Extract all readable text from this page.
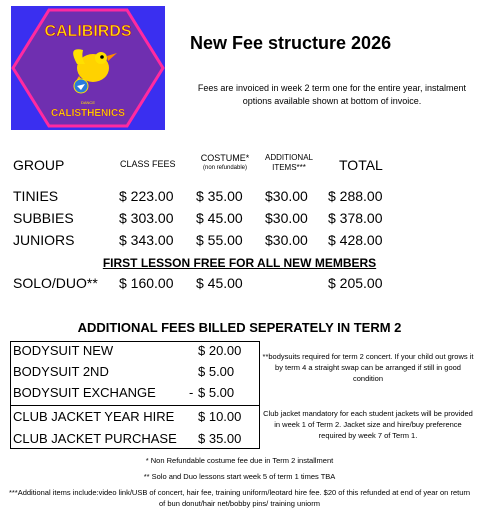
CALIBIRDS
DANCE
CALISTHENICS
New Fee structure 2026
Fees are invoiced in week 2 term one for the entire year, instalment options available shown at bottom of invoice.
GROUP	CLASS FEES
COSTUME*
(non refundable)
ADDITIONAL
ITEMS***	TOTAL
TINIES	$ 223.00 $ 35.00 $30.00 $ 288.00
SUBBIES	$ 303.00 $ 45.00 $30.00 $ 378.00
JUNIORS	$ 343.00 $ 55.00 $30.00 $ 428.00
FIRST LESSON FREE FOR ALL NEW MEMBERS
SOLO/DUO** $ 160.00 $ 45.00	$ 205.00
ADDITIONAL FEES BILLED SEPERATELY IN TERM 2
BODYSUIT NEW	$ 20.00
BODYSUIT 2ND	$ 5.00
BODYSUIT EXCHANGE	- $ 5.00
CLUB JACKET YEAR HIRE $ 10.00
CLUB JACKET PURCHASE $ 35.00
**bodysuits required for term 2 concert. If your child out grows it by term 4 a straight swap can be arranged if still in good condition
Club jacket mandatory for each student jackets will be provided in week 1 of Term 2. Jacket size and hire/buy preference required by week 7 of Term 1.
* Non Refundable costume fee due in Term 2 installment
** Solo and Duo lessons start week 5 of term 1 times TBA
***Additional items include:video link/USB of concert, hair fee, training uniform/leotard hire fee. $20 of this refunded at end of year on return of bun donut/hair net/bobby pins/ training uniorm
